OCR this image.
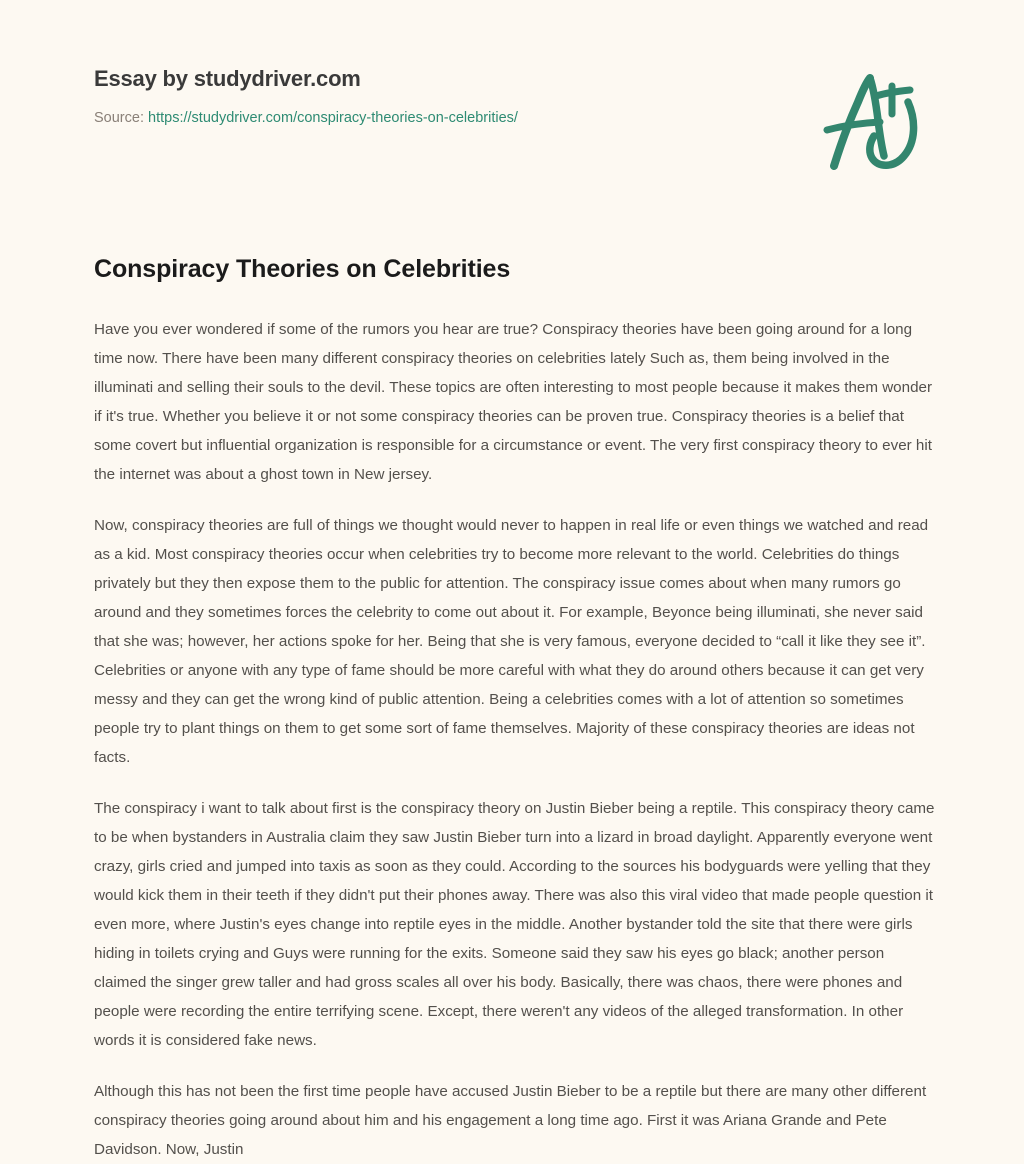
Essay by studydriver.com
Source: https://studydriver.com/conspiracy-theories-on-celebrities/
Conspiracy Theories on Celebrities

Have you ever wondered if some of the rumors you hear are true? Conspiracy theories have been going around for a long time now. There have been many different conspiracy theories on celebrities lately Such as, them being involved in the illuminati and selling their souls to the devil. These topics are often interesting to most people because it makes them wonder if it's true. Whether you believe it or not some conspiracy theories can be proven true. Conspiracy theories is a belief that some covert but influential organization is responsible for a circumstance or event. The very first conspiracy theory to ever hit the internet was about a ghost town in New jersey.

Now, conspiracy theories are full of things we thought would never to happen in real life or even things we watched and read as a kid. Most conspiracy theories occur when celebrities try to become more relevant to the world. Celebrities do things privately but they then expose them to the public for attention. The conspiracy issue comes about when many rumors go around and they sometimes forces the celebrity to come out about it. For example, Beyonce being illuminati, she never said that she was; however, her actions spoke for her. Being that she is very famous, everyone decided to “call it like they see it”. Celebrities or anyone with any type of fame should be more careful with what they do around others because it can get very messy and they can get the wrong kind of public attention. Being a celebrities comes with a lot of attention so sometimes people try to plant things on them to get some sort of fame themselves. Majority of these conspiracy theories are ideas not facts.

The conspiracy i want to talk about first is the conspiracy theory on Justin Bieber being a reptile. This conspiracy theory came to be when bystanders in Australia claim they saw Justin Bieber turn into a lizard in broad daylight. Apparently everyone went crazy, girls cried and jumped into taxis as soon as they could. According to the sources his bodyguards were yelling that they would kick them in their teeth if they didn't put their phones away. There was also this viral video that made people question it even more, where Justin's eyes change into reptile eyes in the middle. Another bystander told the site that there were girls hiding in toilets crying and Guys were running for the exits. Someone said they saw his eyes go black; another person claimed the singer grew taller and had gross scales all over his body. Basically, there was chaos, there were phones and people were recording the entire terrifying scene. Except, there weren't any videos of the alleged transformation. In other words it is considered fake news.

Although this has not been the first time people have accused Justin Bieber to be a reptile but there are many other different conspiracy theories going around about him and his engagement a long time ago. First it was Ariana Grande and Pete Davidson. Now, Justin
